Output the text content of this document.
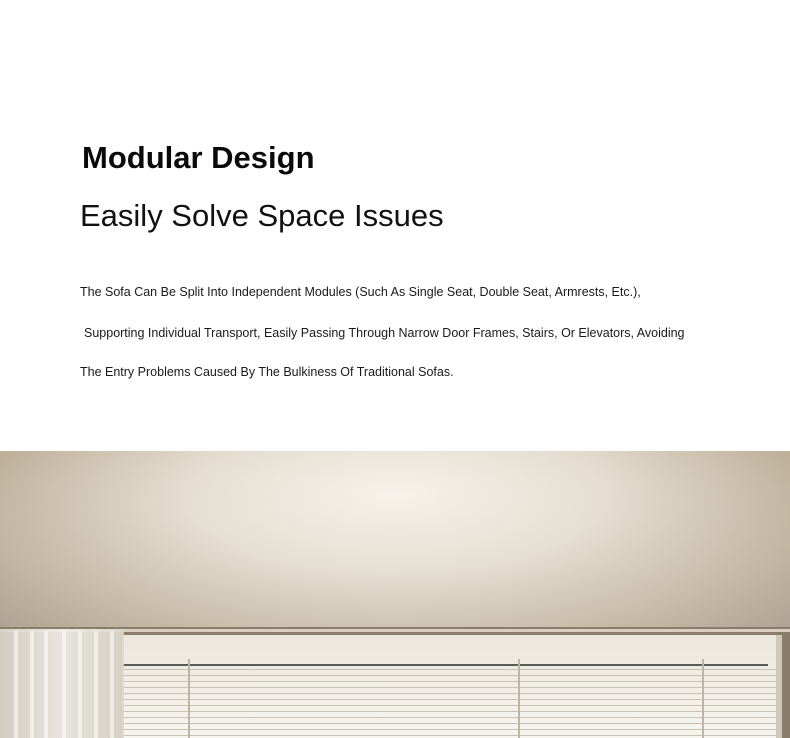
Modular Design
Easily Solve Space Issues

The Sofa Can Be Split Into Independent Modules (Such As Single Seat, Double Seat, Armrests, Etc.),

Supporting Individual Transport, Easily Passing Through Narrow Door Frames, Stairs, Or Elevators, Avoiding

The Entry Problems Caused By The Bulkiness Of Traditional Sofas.
